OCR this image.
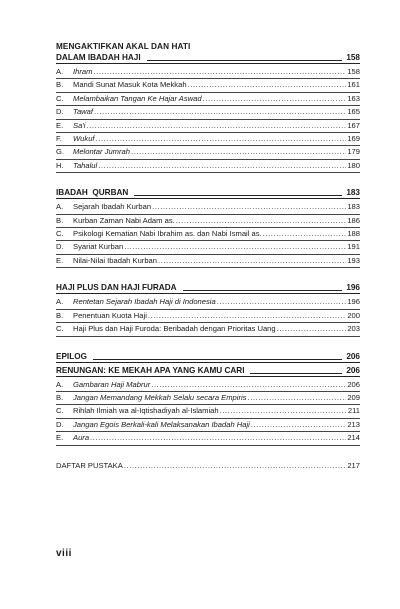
MENGAKTIFKAN AKAL DAN HATI
DALAM IBADAH HAJI	158
A.	Ihram .....	158
B.	Mandi Sunat Masuk Kota Mekkah .....	161
C.	Melambaikan Tangan Ke Hajar Aswad .....	163
D.	Tawaf .....	165
E.	Sa'i .....	167
F.	Wukuf .....	169
G.	Melontar Jumrah .....	179
H.	Tahalul .....	180
IBADAH  QURBAN	183
A.	Sejarah Ibadah Kurban .....	183
B.	Kurban Zaman Nabi Adam as. .....	186
C.	Psikologi Kematian Nabi Ibrahim as. dan Nabi Ismail as. .....	188
D.	Syariat Kurban .....	191
E.	Nilai-Nilai Ibadah Kurban .....	193
HAJI PLUS DAN HAJI FURADA	196
A.	Rentetan Sejarah Ibadah Haji di Indonesia .....	196
B.	Penentuan Kuota Haji .....	200
C.	Haji Plus dan Haji Furoda: Beribadah dengan Prioritas Uang .....	203
EPILOG	206
RENUNGAN: KE MEKAH APA YANG KAMU CARI	206
A.	Gambaran Haji Mabrur .....	206
B.	Jangan Memandang Mekkah Selalu secara Empiris .....	209
C.	Rihlah Ilmiah wa al-Iqtishadiyah al-Islamiah .....	211
D.	Jangan Egois Berkali-kali Melaksanakan Ibadah Haji .....	213
E.	Aura .....	214
DAFTAR PUSTAKA .....	217
viii
